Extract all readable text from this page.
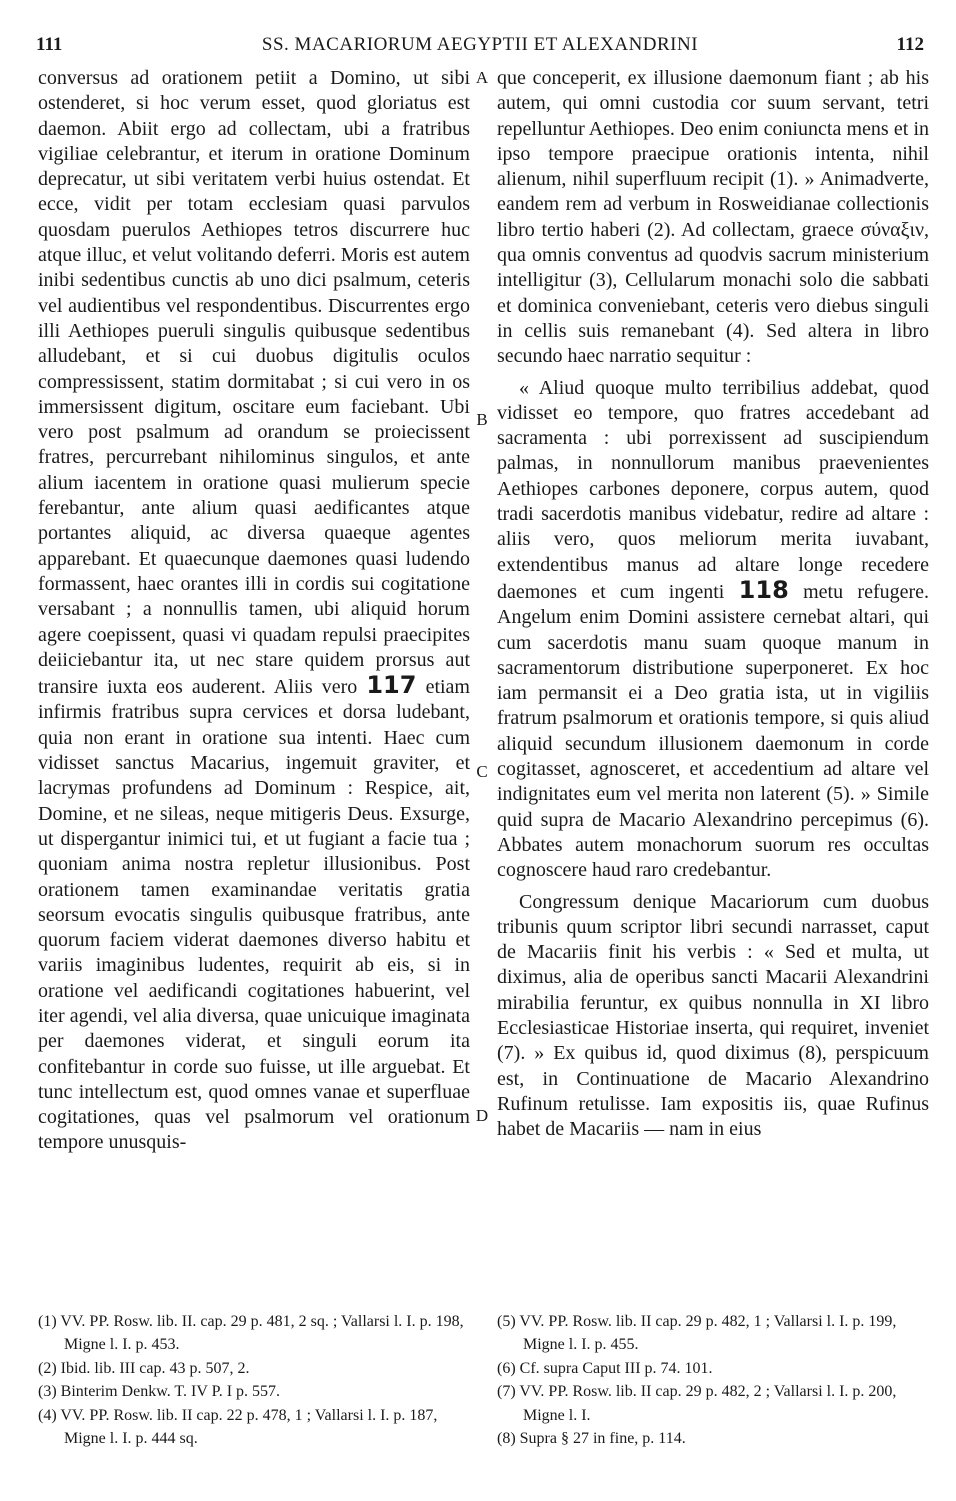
111	SS. MACARIORUM AEGYPTII ET ALEXANDRINI	112

conversus ad orationem petiit a Domino, ut sibi ostenderet, si hoc verum esset, quod gloriatus est daemon. Abiit ergo ad collectam, ubi a fratribus vigiliae celebrantur, et iterum in oratione Dominum deprecatur, ut sibi veritatem verbi huius ostendat. Et ecce, vidit per totam ecclesiam quasi parvulos quosdam puerulos Aethiopes tetros discurrere huc atque illuc, et velut volitando deferri. Moris est autem inibi sedentibus cunctis ab uno dici psalmum, ceteris vel audientibus vel respondentibus. Discurrentes ergo illi Aethiopes pueruli singulis quibusque sedentibus alludebant, et si cui duobus digitulis oculos compressissent, statim dormitabat ; si cui vero in os immersissent digitum, oscitare eum faciebant. Ubi vero post psalmum ad orandum se proiecissent fratres, percurrebant nihilominus singulos, et ante alium iacentem in oratione quasi mulierum specie ferebantur, ante alium quasi aedificantes atque portantes aliquid, ac diversa quaeque agentes apparebant. Et quaecunque daemones quasi ludendo formassent, haec orantes illi in cordis sui cogitatione versabant ; a nonnullis tamen, ubi aliquid horum agere coepissent, quasi vi quadam repulsi praecipites deiiciebantur ita, ut nec stare quidem prorsus aut transire iuxta eos auderent. Aliis vero 117 etiam infirmis fratribus supra cervices et dorsa ludebant, quia non erant in oratione sua intenti. Haec cum vidisset sanctus Macarius, ingemuit graviter, et lacrymas profundens ad Dominum : Respice, ait, Domine, et ne sileas, neque mitigeris Deus. Exsurge, ut dispergantur inimici tui, et ut fugiant a facie tua ; quoniam anima nostra repletur illusionibus. Post orationem tamen examinandae veritatis gratia seorsum evocatis singulis quibusque fratribus, ante quorum faciem viderat daemones diverso habitu et variis imaginibus ludentes, requirit ab eis, si in oratione vel aedificandi cogitationes habuerint, vel iter agendi, vel alia diversa, quae unicuique imaginata per daemones viderat, et singuli eorum ita confitebantur in corde suo fuisse, ut ille arguebat. Et tunc intellectum est, quod omnes vanae et superfluae cogitationes, quas vel psalmorum vel orationum tempore unusquis-

que conceperit, ex illusione daemonum fiant ; ab his autem, qui omni custodia cor suum servant, tetri repelluntur Aethiopes. Deo enim coniuncta mens et in ipso tempore praecipue orationis intenta, nihil alienum, nihil superfluum recipit (1). » Animadverte, eandem rem ad verbum in Rosweidianae collectionis libro tertio haberi (2). Ad collectam, graece σύναξιν, qua omnis conventus ad quodvis sacrum ministerium intelligitur (3), Cellularum monachi solo die sabbati et dominica conveniebant, ceteris vero diebus singuli in cellis suis remanebant (4). Sed altera in libro secundo haec narratio sequitur :

« Aliud quoque multo terribilius addebat, quod vidisset eo tempore, quo fratres accedebant ad sacramenta : ubi porrexissent ad suscipiendum palmas, in nonnullorum manibus praevenientes Aethiopes carbones deponere, corpus autem, quod tradi sacerdotis manibus videbatur, redire ad altare : aliis vero, quos meliorum merita iuvabant, extendentibus manus ad altare longe recedere daemones et cum ingenti 118 metu refugere. Angelum enim Domini assistere cernebat altari, qui cum sacerdotis manu suam quoque manum in sacramentorum distributione superponeret. Ex hoc iam permansit ei a Deo gratia ista, ut in vigiliis fratrum psalmorum et orationis tempore, si quis aliud aliquid secundum illusionem daemonum in corde cogitasset, agnosceret, et accedentium ad altare vel indignitates eum vel merita non laterent (5). » Simile quid supra de Macario Alexandrino percepimus (6). Abbates autem monachorum suorum res occultas cognoscere haud raro credebantur.

Congressum denique Macariorum cum duobus tribunis quum scriptor libri secundi narrasset, caput de Macariis finit his verbis : « Sed et multa, ut diximus, alia de operibus sancti Macarii Alexandrini mirabilia feruntur, ex quibus nonnulla in XI libro Ecclesiasticae Historiae inserta, qui requiret, inveniet (7). » Ex quibus id, quod diximus (8), perspicuum est, in Continuatione de Macario Alexandrino Rufinum retulisse. Iam expositis iis, quae Rufinus habet de Macariis — nam in eius

A
B
C
D
(1) VV. PP. Rosw. lib. II. cap. 29 p. 481, 2 sq. ; Vallarsi l. I. p. 198, Migne l. I. p. 453.
(2) Ibid. lib. III cap. 43 p. 507, 2.
(3) Binterim Denkw. T. IV P. I p. 557.
(4) VV. PP. Rosw. lib. II cap. 22 p. 478, 1 ; Vallarsi l. I. p. 187, Migne l. I. p. 444 sq.
(5) VV. PP. Rosw. lib. II cap. 29 p. 482, 1 ; Vallarsi l. I. p. 199, Migne l. I. p. 455.
(6) Cf. supra Caput III p. 74. 101.
(7) VV. PP. Rosw. lib. II cap. 29 p. 482, 2 ; Vallarsi l. I. p. 200, Migne l. I.
(8) Supra § 27 in fine, p. 114.
